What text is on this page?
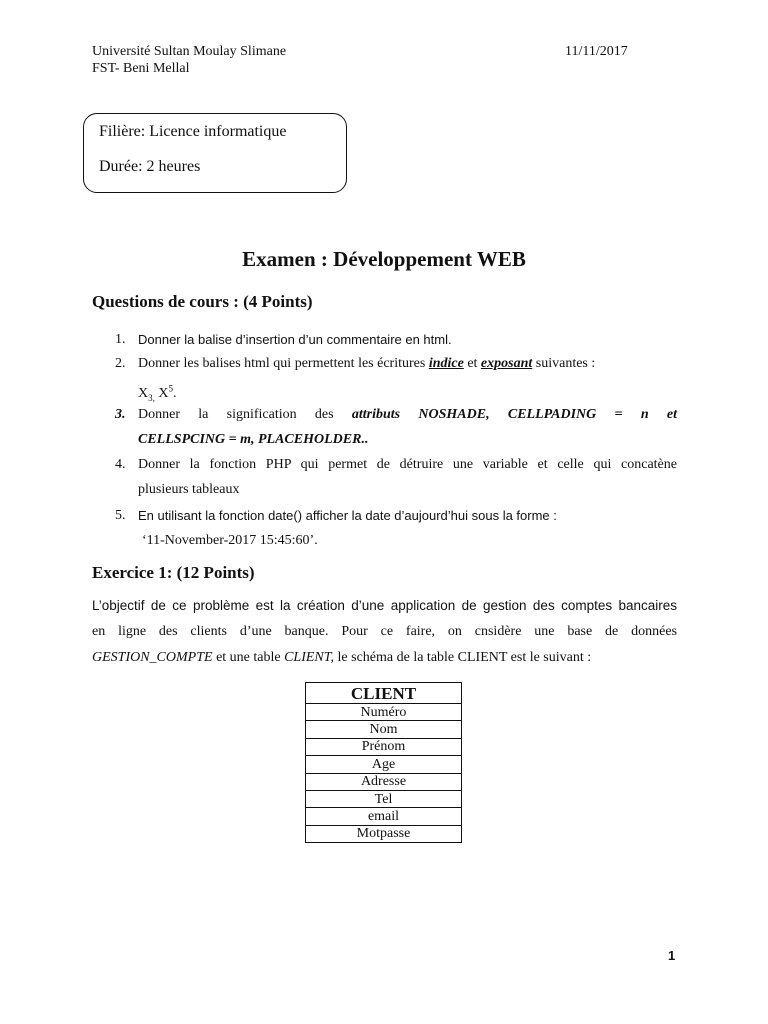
Université Sultan Moulay Slimane
FST- Beni Mellal
11/11/2017
Filière: Licence informatique
Durée: 2 heures
Examen : Développement WEB
Questions de cours : (4 Points)
1. Donner la balise d’insertion d’un commentaire en html.
2. Donner les balises html qui permettent les écritures indice et exposant suivantes :
$X_{3,}$ $X^5$.
3. Donner la signification des attributs NOSHADE, CELLPADING = n et
CELLSPCING = m, PLACEHOLDER..
4. Donner la fonction PHP qui permet de détruire une variable et celle qui concatène
plusieurs tableaux
5. En utilisant la fonction date() afficher la date d’aujourd’hui sous la forme :
‘11-November-2017 15:45:60’.
Exercice 1: (12 Points)
L’objectif de ce problème est la création d’une application de gestion des comptes bancaires
en ligne des clients d’une banque. Pour ce faire, on cnsidère une base de données
GESTION_COMPTE et une table CLIENT, le schéma de la table CLIENT est le suivant :
CLIENT
Numéro
Nom
Prénom
Age
Adresse
Tel
email
Motpasse
1
